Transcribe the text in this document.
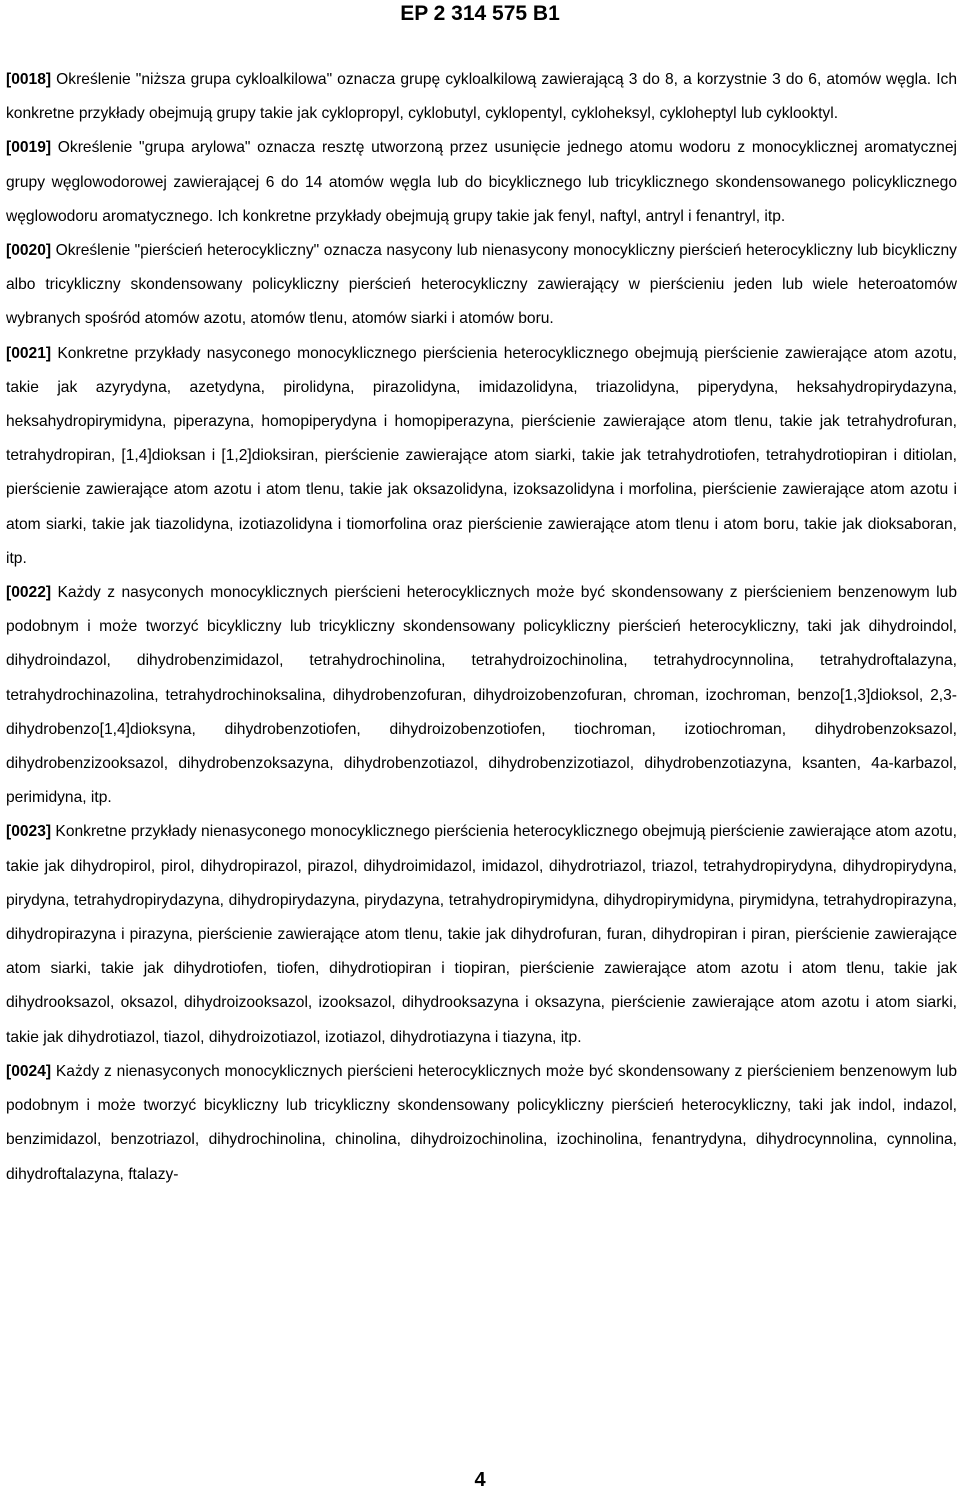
EP 2 314 575 B1

[0018] Określenie "niższa grupa cykloalkilowa" oznacza grupę cykloalkilową zawierającą 3 do 8, a korzystnie 3 do 6, atomów węgla. Ich konkretne przykłady obejmują grupy takie jak cyklopropyl, cyklobutyl, cyklopentyl, cykloheksyl, cykloheptyl lub cyklooktyl.

[0019] Określenie "grupa arylowa" oznacza resztę utworzoną przez usunięcie jednego atomu wodoru z monocyklicznej aromatycznej grupy węglowodorowej zawierającej 6 do 14 atomów węgla lub do bicyklicznego lub tricyklicznego skondensowanego policyklicznego węglowodoru aromatycznego. Ich konkretne przykłady obejmują grupy takie jak fenyl, naftyl, antryl i fenantryl, itp.

[0020] Określenie "pierścień heterocykliczny" oznacza nasycony lub nienasycony monocykliczny pierścień heterocykliczny lub bicykliczny albo tricykliczny skondensowany policykliczny pierścień heterocykliczny zawierający w pierścieniu jeden lub wiele heteroatomów wybranych spośród atomów azotu, atomów tlenu, atomów siarki i atomów boru.

[0021] Konkretne przykłady nasyconego monocyklicznego pierścienia heterocyklicznego obejmują pierścienie zawierające atom azotu, takie jak azyrydyna, azetydyna, pirolidyna, pirazolidyna, imidazolidyna, triazolidyna, piperydyna, heksahydropirydazyna, heksahydropirymidyna, piperazyna, homopiperydyna i homopiperazyna, pierścienie zawierające atom tlenu, takie jak tetrahydrofuran, tetrahydropiran, [1,4]dioksan i [1,2]dioksiran, pierścienie zawierające atom siarki, takie jak tetrahydrotiofen, tetrahydrotiopiran i ditiolan, pierścienie zawierające atom azotu i atom tlenu, takie jak oksazolidyna, izoksazolidyna i morfolina, pierścienie zawierające atom azotu i atom siarki, takie jak tiazolidyna, izotiazolidyna i tiomorfolina oraz pierścienie zawierające atom tlenu i atom boru, takie jak dioksaboran, itp.

[0022] Każdy z nasyconych monocyklicznych pierścieni heterocyklicznych może być skondensowany z pierścieniem benzenowym lub podobnym i może tworzyć bicykliczny lub tricykliczny skondensowany policykliczny pierścień heterocykliczny, taki jak dihydroindol, dihydroindazol, dihydrobenzimidazol, tetrahydrochinolina, tetrahydroizochinolina, tetrahydrocynnolina, tetrahydroftalazyna, tetrahydrochinazolina, tetrahydrochinoksalina, dihydrobenzofuran, dihydroizobenzofuran, chroman, izochroman, benzo[1,3]dioksol, 2,3-dihydrobenzo[1,4]dioksyna, dihydrobenzotiofen, dihydroizobenzotiofen, tiochroman, izotiochroman, dihydrobenzoksazol, dihydrobenzizooksazol, dihydrobenzoksazyna, dihydrobenzotiazol, dihydrobenzizotiazol, dihydrobenzotiazyna, ksanten, 4a-karbazol, perimidyna, itp.

[0023] Konkretne przykłady nienasyconego monocyklicznego pierścienia heterocyklicznego obejmują pierścienie zawierające atom azotu, takie jak dihydropirol, pirol, dihydropirazol, pirazol, dihydroimidazol, imidazol, dihydrotriazol, triazol, tetrahydropirydyna, dihydropirydyna, pirydyna, tetrahydropirydazyna, dihydropirydazyna, pirydazyna, tetrahydropirymidyna, dihydropirymidyna, pirymidyna, tetrahydropirazyna, dihydropirazyna i pirazyna, pierścienie zawierające atom tlenu, takie jak dihydrofuran, furan, dihydropiran i piran, pierścienie zawierające atom siarki, takie jak dihydrotiofen, tiofen, dihydrotiopiran i tiopiran, pierścienie zawierające atom azotu i atom tlenu, takie jak dihydrooksazol, oksazol, dihydroizooksazol, izooksazol, dihydrooksazyna i oksazyna, pierścienie zawierające atom azotu i atom siarki, takie jak dihydrotiazol, tiazol, dihydroizotiazol, izotiazol, dihydrotiazyna i tiazyna, itp.

[0024] Każdy z nienasyconych monocyklicznych pierścieni heterocyklicznych może być skondensowany z pierścieniem benzenowym lub podobnym i może tworzyć bicykliczny lub tricykliczny skondensowany policykliczny pierścień heterocykliczny, taki jak indol, indazol, benzimidazol, benzotriazol, dihydrochinolina, chinolina, dihydroizochinolina, izochinolina, fenantrydyna, dihydrocynnolina, cynnolina, dihydroftalazyna, ftalazy-

4
